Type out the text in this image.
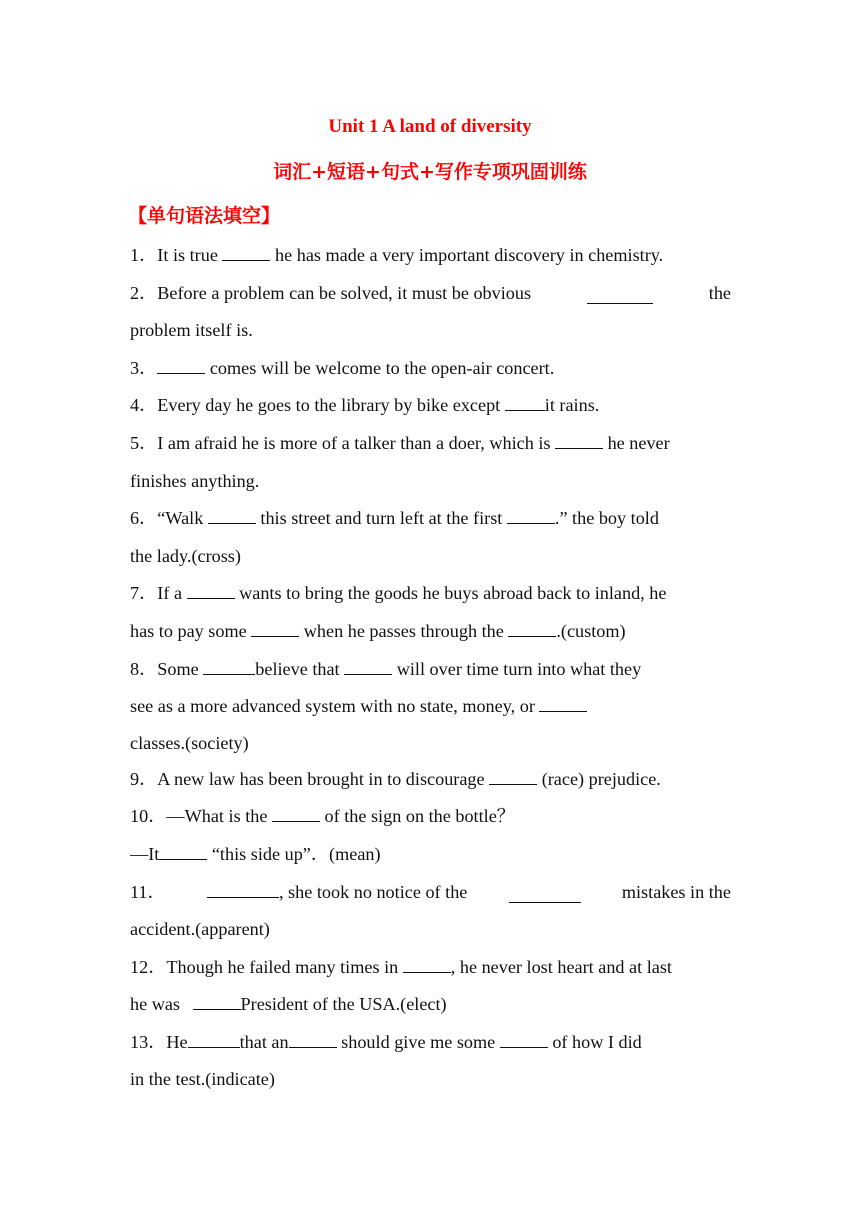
Unit 1 A land of diversity
词汇+短语+句式+写作专项巩固训练
【单句语法填空】
1．It is true	he has made a very important discovery in chemistry.
2．Before a problem can be solved, it must be obvious	the
problem itself is.
3．	comes will be welcome to the open-air concert.
4．Every day he goes to the library by bike except it rains.
5．I am afraid he is more of a talker than a doer, which is	he never
finishes anything.
6．“Walk	this street and turn left at the first	.” the boy told
the lady.(cross)
7．If a	wants to bring the goods he buys abroad back to inland, he
has to pay some	when he passes through the	.(custom)
8．Some	believe that	will over time turn into what they
see as a more advanced system with no state, money, or
classes.(society)
9．A new law has been brought in to discourage	(race) prejudice.
10．—What is the	of the sign on the bottle？
—It	“this side up”．(mean)
11．	, she took no notice of the	mistakes in the
accident.(apparent)
12．Though he failed many times in	, he never lost heart and at last
he was	President of the USA.(elect)
13．He	that an	should give me some	of how I did
in the test.(indicate)
